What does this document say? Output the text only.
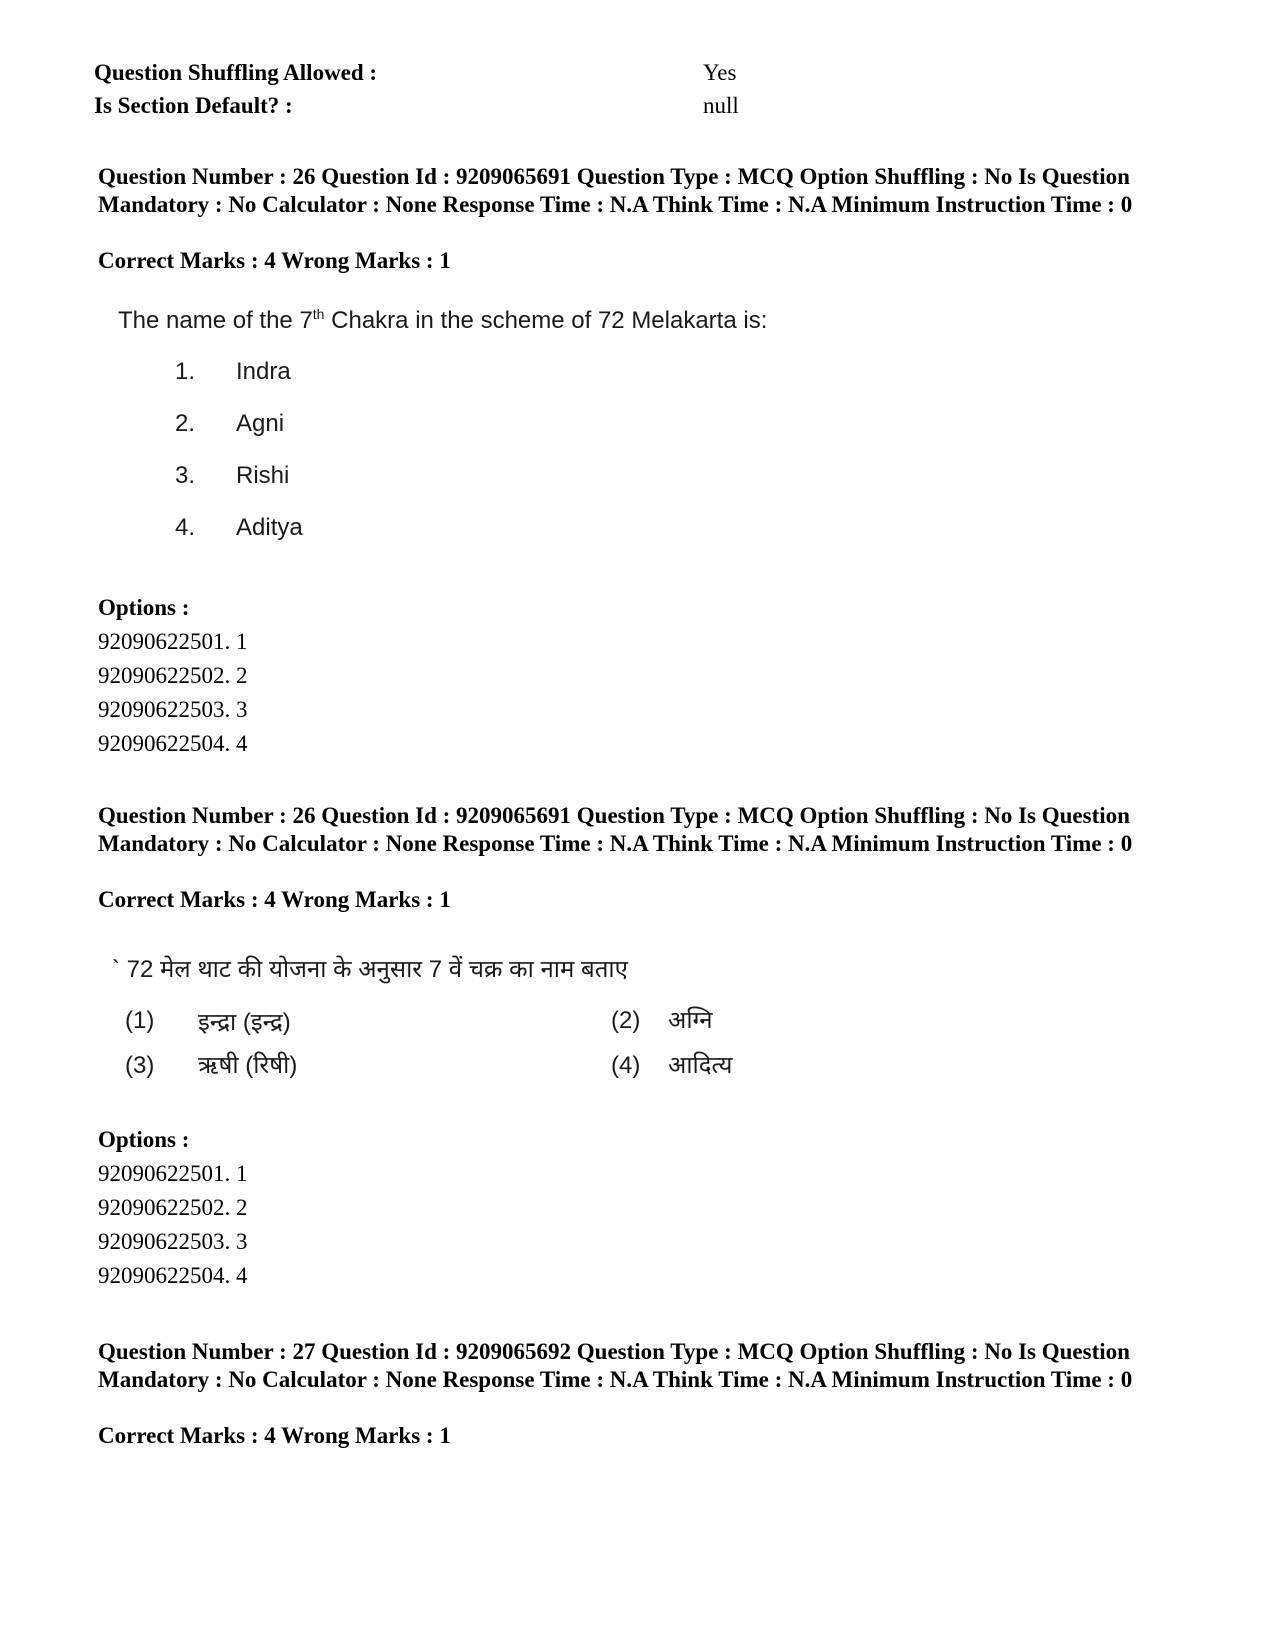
Question Shuffling Allowed :	Yes
Is Section Default? :	null
Question Number : 26 Question Id : 9209065691 Question Type : MCQ Option Shuffling : No Is Question Mandatory : No Calculator : None Response Time : N.A Think Time : N.A Minimum Instruction Time : 0
Correct Marks : 4 Wrong Marks : 1
The name of the 7th Chakra in the scheme of 72 Melakarta is:
1. Indra
2. Agni
3. Rishi
4. Aditya
Options :
92090622501. 1
92090622502. 2
92090622503. 3
92090622504. 4
Question Number : 26 Question Id : 9209065691 Question Type : MCQ Option Shuffling : No Is Question Mandatory : No Calculator : None Response Time : N.A Think Time : N.A Minimum Instruction Time : 0
Correct Marks : 4 Wrong Marks : 1
` 72 मेल थाट की योजना के अनुसार 7 वें चक्र का नाम बताए
(1) इन्द्रा (इन्द्र)	(2) अग्नि
(3) ऋषी (रिषी)	(4) आदित्य
Options :
92090622501. 1
92090622502. 2
92090622503. 3
92090622504. 4
Question Number : 27 Question Id : 9209065692 Question Type : MCQ Option Shuffling : No Is Question Mandatory : No Calculator : None Response Time : N.A Think Time : N.A Minimum Instruction Time : 0
Correct Marks : 4 Wrong Marks : 1
